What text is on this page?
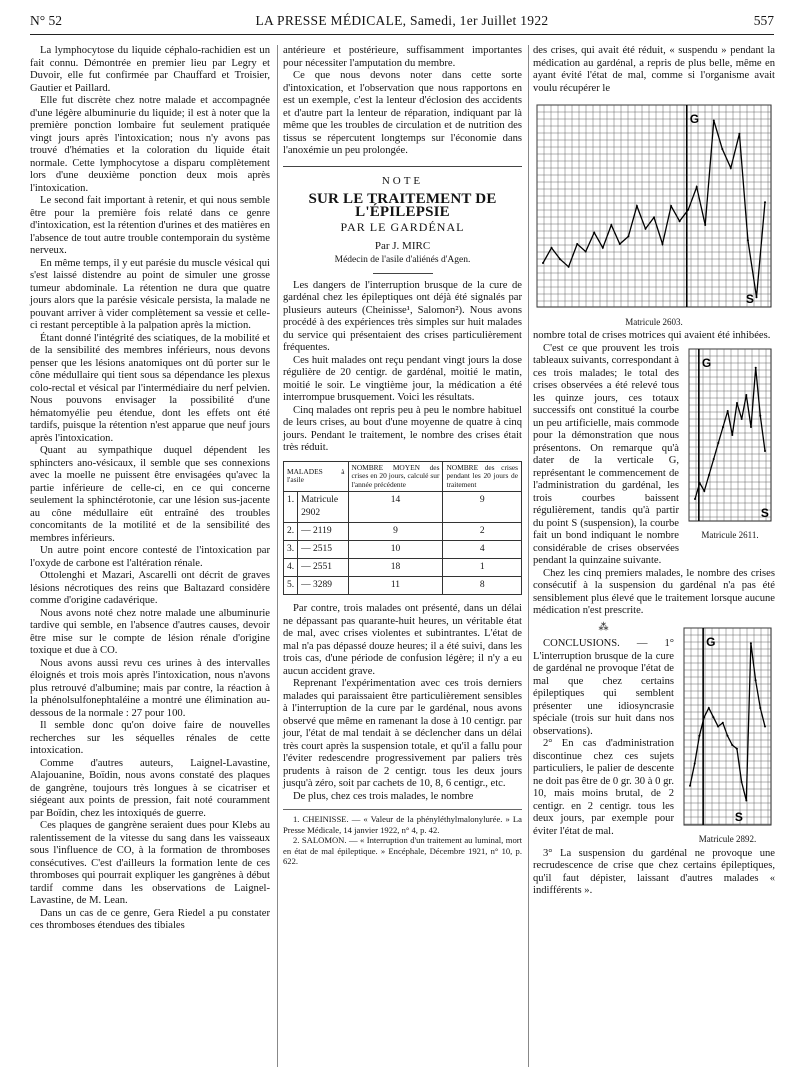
N° 52	LA PRESSE MÉDICALE, Samedi, 1er Juillet 1922	557

La lymphocytose du liquide céphalo-rachidien est un fait connu. Démontrée en premier lieu par Legry et Duvoir, elle fut confirmée par Chauffard et Troisier, Gautier et Paillard.

Elle fut discrète chez notre malade et accompagnée d'une légère albuminurie du liquide; il est à noter que la première ponction lombaire fut seulement pratiquée vingt jours après l'intoxication; nous n'y avons pas trouvé d'hématies et la coloration du liquide était normale. Cette lymphocytose a disparu complètement lors d'une deuxième ponction deux mois après l'intoxication.

Le second fait important à retenir, et qui nous semble être pour la première fois relaté dans ce genre d'intoxication, est la rétention d'urines et des matières en l'absence de tout autre trouble contemporain du système nerveux.

En même temps, il y eut parésie du muscle vésical qui s'est laissé distendre au point de simuler une grosse tumeur abdominale. La rétention ne dura que quatre jours alors que la parésie vésicale persista, la malade ne pouvant arriver à vider complètement sa vessie et celle-ci restant perceptible à la palpation après la miction.

Étant donné l'intégrité des sciatiques, de la mobilité et de la sensibilité des membres inférieurs, nous devons penser que les lésions anatomiques ont dû porter sur le cône médullaire qui tient sous sa dépendance les plexus colo-rectal et vésical par l'intermédiaire du nerf pelvien. Nous pouvons envisager la possibilité d'une hématomyélie peu étendue, dont les effets ont été tardifs, puisque la rétention n'est apparue que neuf jours après l'intoxication.

Quant au sympathique duquel dépendent les sphincters ano-vésicaux, il semble que ses connexions avec la moelle ne puissent être envisagées qu'avec la partie inférieure de celle-ci, en ce qui concerne seulement la sphinctérotonie, car une lésion sus-jacente au cône médullaire eût entraîné des troubles concomitants de la motilité et de la sensibilité des membres inférieurs.

Un autre point encore contesté de l'intoxication par l'oxyde de carbone est l'altération rénale.

Ottolenghi et Mazari, Ascarelli ont décrit de graves lésions nécrotiques des reins que Baltazard considère comme d'origine cadavérique.

Nous avons noté chez notre malade une albuminurie tardive qui semble, en l'absence d'autres causes, devoir être mise sur le compte de lésion rénale d'origine toxique et due à CO.

Nous avons aussi revu ces urines à des intervalles éloignés et trois mois après l'intoxication, nous n'avons plus retrouvé d'albumine; mais par contre, la réaction à la phénolsulfonephtaléine a montré une élimination au-dessous de la normale : 27 pour 100.

Il semble donc qu'on doive faire de nouvelles recherches sur les séquelles rénales de cette intoxication.

Comme d'autres auteurs, Laignel-Lavastine, Alajouanine, Boïdin, nous avons constaté des plaques de gangrène, toujours très longues à se cicatriser et siégeant aux points de pression, fait noté couramment par Boïdin, chez les intoxiqués de guerre.

Ces plaques de gangrène seraient dues pour Klebs au ralentissement de la vitesse du sang dans les vaisseaux sous l'influence de CO, à la formation de thromboses consécutives. C'est d'ailleurs la formation lente de ces thromboses qui pourrait expliquer les gangrènes à début tardif comme dans les observations de Laignel-Lavastine, de M. Lean.

Dans un cas de ce genre, Gera Riedel a pu constater ces thromboses étendues des tibiales

antérieure et postérieure, suffisamment importantes pour nécessiter l'amputation du membre.

Ce que nous devons noter dans cette sorte d'intoxication, et l'observation que nous rapportons en est un exemple, c'est la lenteur d'éclosion des accidents et d'autre part la lenteur de réparation, indiquant par là même que les troubles de circulation et de nutrition des tissus se répercutent longtemps sur l'économie dans l'anoxémie un peu prolongée.

NOTE
SUR LE TRAITEMENT DE L'ÉPILEPSIE
PAR LE GARDÉNAL
Par J. MIRC
Médecin de l'asile d'aliénés d'Agen.

Les dangers de l'interruption brusque de la cure de gardénal chez les épileptiques ont déjà été signalés par plusieurs auteurs (Cheinisse¹, Salomon²). Nous avons procédé à des expériences très simples sur huit malades du service qui présentaient des crises particulièrement fréquentes.

Ces huit malades ont reçu pendant vingt jours la dose régulière de 20 centigr. de gardénal, moitié le matin, moitié le soir. Le vingtième jour, la médication a été interrompue brusquement. Voici les résultats.

Cinq malades ont repris peu à peu le nombre habituel de leurs crises, au bout d'une moyenne de quatre à cinq jours. Pendant le traitement, le nombre des crises était très réduit.

MALADES à l'asile		NOMBRE MOYEN des crises en 20 jours, calculé sur l'année précédente	NOMBRE des crises pendant les 20 jours de traitement
1.	Matricule 2902	14	9
2.	— 2119	9	2
3.	— 2515	10	4
4.	— 2551	18	1
5.	— 3289	11	8

Par contre, trois malades ont présenté, dans un délai ne dépassant pas quarante-huit heures, un véritable état de mal, avec crises violentes et subintrantes. L'état de mal n'a pas dépassé douze heures; il a été suivi, dans les trois cas, d'une période de confusion légère; il n'y a eu aucun accident grave.

Reprenant l'expérimentation avec ces trois derniers malades qui paraissaient être particulièrement sensibles à l'interruption de la cure par le gardénal, nous avons observé que même en ramenant la dose à 10 centigr. par jour, l'état de mal tendait à se déclencher dans un délai très court après la suspension totale, et qu'il a fallu pour l'éviter redescendre progressivement par paliers très prudents à raison de 2 centigr. tous les deux jours jusqu'à zéro, soit par cachets de 10, 8, 6 centigr., etc.

De plus, chez ces trois malades, le nombre

1. CHEINISSE. — « Valeur de la phényléthylmalonylurée. » La Presse Médicale, 14 janvier 1922, n° 4, p. 42.

2. SALOMON. — « Interruption d'un traitement au luminal, mort en état de mal épileptique. » Encéphale, Décembre 1921, n° 10, p. 622.

des crises, qui avait été réduit, « suspendu » pendant la médication au gardénal, a repris de plus belle, même en ayant évité l'état de mal, comme si l'organisme avait voulu récupérer le

G
S
Matricule 2603.

nombre total de crises motrices qui avaient été inhibées.

G
S
Matricule 2611.

C'est ce que prouvent les trois tableaux suivants, correspondant à ces trois malades; le total des crises observées a été relevé tous les quinze jours, ces totaux successifs ont constitué la courbe un peu artificielle, mais commode pour la démonstration que nous présentons. On remarque qu'à dater de la verticale G, représentant le commencement de l'administration du gardénal, les trois courbes baissent régulièrement, tandis qu'à partir du point S (suspension), la courbe fait un bond indiquant le nombre considérable de crises observées pendant la quinzaine suivante.

Chez les cinq premiers malades, le nombre des crises consécutif à la suspension du gardénal n'a pas été sensiblement plus élevé que le traitement lorsque aucune médication n'est prescrite.

G
S
Matricule 2892.
⁂

CONCLUSIONS. — 1° L'interruption brusque de la cure de gardénal ne provoque l'état de mal que chez certains épileptiques qui semblent présenter une idiosyncrasie spéciale (trois sur huit dans nos observations).

2° En cas d'administration discontinue chez ces sujets particuliers, le palier de descente ne doit pas être de 0 gr. 30 à 0 gr. 10, mais moins brutal, de 2 centigr. en 2 centigr. tous les deux jours, par exemple pour éviter l'état de mal.

3° La suspension du gardénal ne provoque une recrudescence de crise que chez certains épileptiques, qu'il faut dépister, laissant d'autres malades « indifférents ».
